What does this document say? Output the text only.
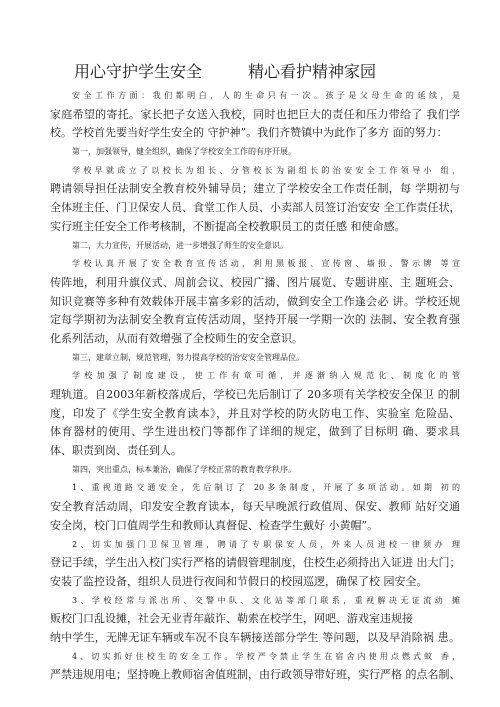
用心守护学生安全	精心看护精神家园
安全工作方面：我们都明白，人的生命只有一次。孩子是父母生命的延续，是
家庭希望的寄托。家长把子女送入我校，同时也把巨大的责任和压力带给了 我们学
校。学校首先要当好学生安全的 守护神”。我们齐赞镇中为此作了多方 面的努力：
第一，加强领导，健全组织，确保了学校安全工作的有序开展。
学校早就成立了以校长为组长、分管校长为副组长的治安安全工作领导小 组，
聘请领导担任法制安全教育校外辅导员；建立了学校安全工作责任制，每 学期初与
全体班主任、门卫保安人员、食堂工作人员、小卖部人员签订治安安 全工作责任状，
实行班主任安全工作考核制，不断提高全校教职员工的责任感 和使命感。
第二，大力宣传，开展活动，进一步增强了师生的安全意识。
学校认真开展了安全教育宣传活动，利用黑板报、宣传窗、墙报、警示牌 等宣
传阵地，利用升旗仪式、周前会议、校园广播、图片展览、专题讲座、主 题班会、
知识竞赛等多种有效载体开展丰富多彩的活动，做到安全工作逢会必 讲。学校还规
定每学期初为法制安全教育宣传活动周，坚持开展一学期一次的 法制、安全教育强
化系列活动，从而有效增强了全校师生的安全意识。
第三，建章立制，规范管理，努力提高学校的治安安全管理品位。
学校加强了制度建设，使工作有章可循，并逐渐纳入规范化、制度化的管
理轨道。自2003年新校落成后，学校已先后制订了 20多项有关学校安全保卫 的制
度，印发了《学生安全教育读本》，并且对学校的防火防电工作、实验室 危险品、
体育器材的使用、学生进出校门等都作了详细的规定，做到了目标明 确、要求具
体、职责到岗、责任到人。
第四，突出重点，标本兼治，确保了学校正常的教育教学秩序。
1、重视道路交通安全，先后制订了 20多条制度，开展了多项活动。如期 初的
安全教育活动周，印发安全教育读本，每天早晚派行政值周、保安、教师 站好交通
安全岗，校门口值周学生和教师认真督促、检查学生戴好 小黄帽”。
2、切实加强门卫保卫管理，聘请了专职保安人员，外来人员进校一律须办 理
登记手续，学生出入校门实行严格的请假管理制度，住校生必须持出入证进 出大门；
安装了监控设备，组织人员进行夜间和节假日的校园巡逻，确保了校 园安全。
3、学校经常与派出所、交警中队、文化站等部门联系，重视解决无证流动 摊
贩校门口乱设摊，社会无业青年敲诈、勒索在校学生，网吧、游戏室违规接
纳中学生，无牌无证车辆或车况不良车辆接送部分学生 等问题，以及早消除祸 患。
4、切实抓好住校生的安全工作。学校严令禁止学生在宿舍内使用点燃式蚊 香，
严禁违规用电；坚持晚上教师宿舍值班制，由行政领导带好班，实行严格 的点名制、
